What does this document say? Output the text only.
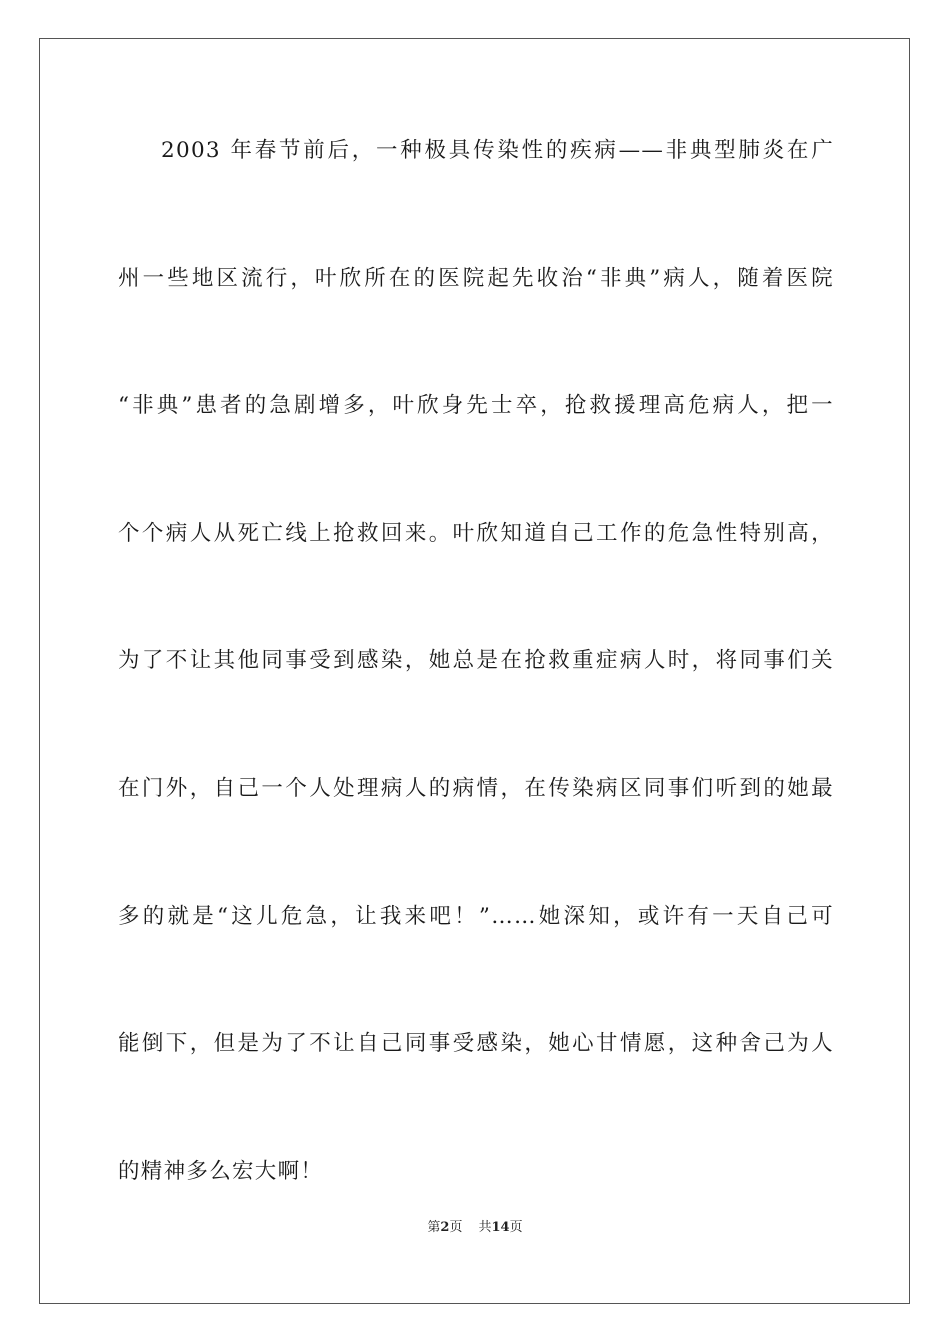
2003 年春节前后，一种极具传染性的疾病——非典型肺炎在广
州一些地区流行，叶欣所在的医院起先收治“非典”病人，随着医院
“非典”患者的急剧增多，叶欣身先士卒，抢救援理高危病人，把一
个个病人从死亡线上抢救回来。叶欣知道自己工作的危急性特别高，
为了不让其他同事受到感染，她总是在抢救重症病人时，将同事们关
在门外，自己一个人处理病人的病情，在传染病区同事们听到的她最
多的就是“这儿危急，让我来吧！”……她深知，或许有一天自己可
能倒下，但是为了不让自己同事受感染，她心甘情愿，这种舍己为人
的精神多么宏大啊！
第2页 共14页
